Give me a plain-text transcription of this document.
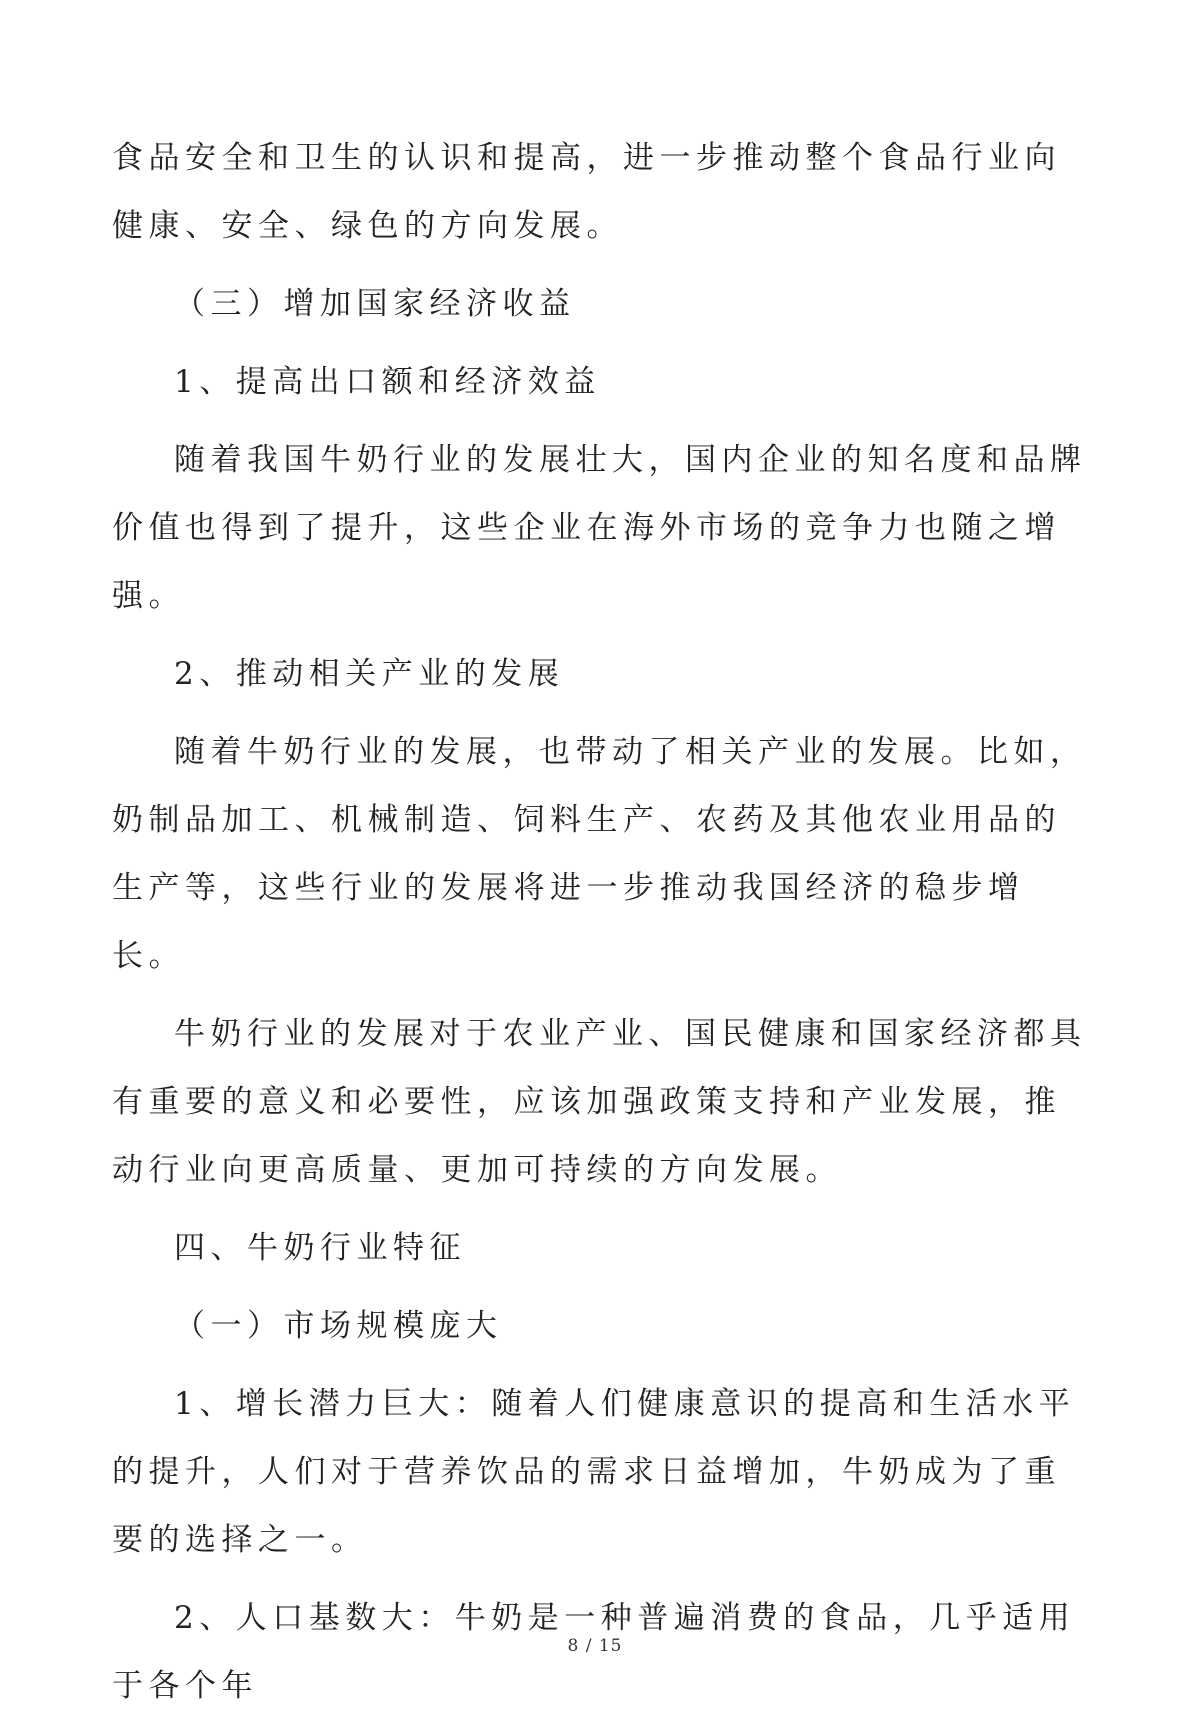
食品安全和卫生的认识和提高，进一步推动整个食品行业向健康、安全、绿色的方向发展。

（三）增加国家经济收益

1、提高出口额和经济效益

随着我国牛奶行业的发展壮大，国内企业的知名度和品牌价值也得到了提升，这些企业在海外市场的竞争力也随之增强。

2、推动相关产业的发展

随着牛奶行业的发展，也带动了相关产业的发展。比如，奶制品加工、机械制造、饲料生产、农药及其他农业用品的生产等，这些行业的发展将进一步推动我国经济的稳步增长。

牛奶行业的发展对于农业产业、国民健康和国家经济都具有重要的意义和必要性，应该加强政策支持和产业发展，推动行业向更高质量、更加可持续的方向发展。

四、牛奶行业特征

（一）市场规模庞大

1、增长潜力巨大：随着人们健康意识的提高和生活水平的提升，人们对于营养饮品的需求日益增加，牛奶成为了重要的选择之一。

2、人口基数大：牛奶是一种普遍消费的食品，几乎适用于各个年

8 / 15
